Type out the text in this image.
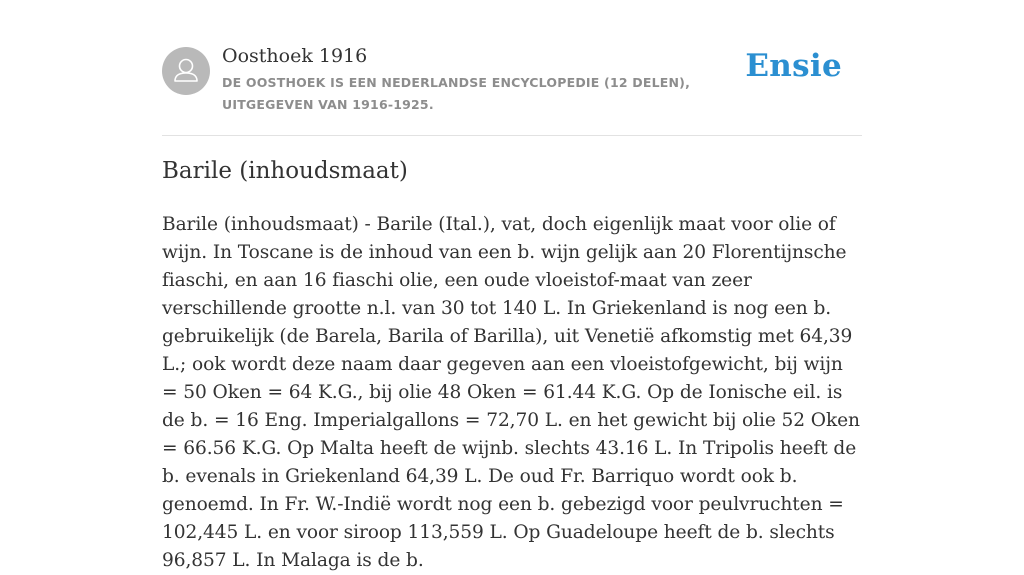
Oosthoek 1916
DE OOSTHOEK IS EEN NEDERLANDSE ENCYCLOPEDIE (12 DELEN), UITGEGEVEN VAN 1916-1925.
Ensie
Barile (inhoudsmaat)

Barile (inhoudsmaat) - Barile (Ital.), vat, doch eigenlijk maat voor olie of wijn. In Toscane is de inhoud van een b. wijn gelijk aan 20 Florentijnsche fiaschi, en aan 16 fiaschi olie, een oude vloeistof-maat van zeer verschillende grootte n.l. van 30 tot 140 L. In Griekenland is nog een b. gebruikelijk (de Barela, Barila of Barilla), uit Venetië afkomstig met 64,39 L.; ook wordt deze naam daar gegeven aan een vloeistofgewicht, bij wijn = 50 Oken = 64 K.G., bij olie 48 Oken = 61.44 K.G. Op de Ionische eil. is de b. = 16 Eng. Imperialgallons = 72,70 L. en het gewicht bij olie 52 Oken = 66.56 K.G. Op Malta heeft de wijnb. slechts 43.16 L. In Tripolis heeft de b. evenals in Griekenland 64,39 L. De oud Fr. Barriquo wordt ook b. genoemd. In Fr. W.-Indië wordt nog een b. gebezigd voor peulvruchten = 102,445 L. en voor siroop 113,559 L. Op Guadeloupe heeft de b. slechts 96,857 L. In Malaga is de b.
